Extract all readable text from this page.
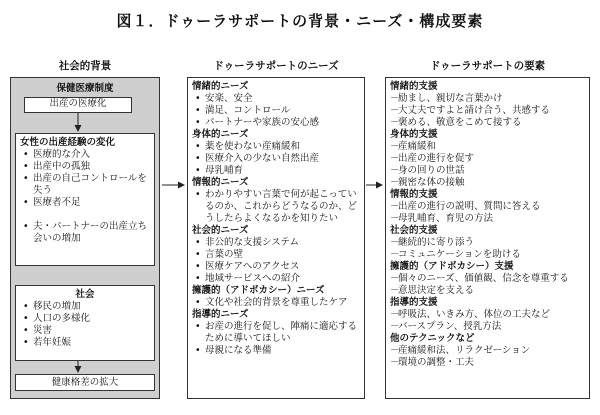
図１．ドゥーラサポートの背景・ニーズ・構成要素
社会的背景	ドゥーラサポートのニーズ	ドゥーラサポートの要素
保健医療制度
出産の医療化
女性の出産経験の変化
• 医療的な介入
• 出産中の孤独
• 出産の自己コントロールを失う
• 医療者不足
• 夫・パートナーの出産立ち会いの増加
社会
• 移民の増加
• 人口の多様化
• 災害
• 若年妊娠
健康格差の拡大
情緒的ニーズ
• 安楽、安全
• 満足、コントロール
• パートナーや家族の安心感
身体的ニーズ
• 薬を使わない産痛緩和
• 医療介入の少ない自然出産
• 母乳哺育
情報的ニーズ
• わかりやすい言葉で何が起こっているのか、これからどうなるのか、どうしたらよくなるかを知りたい
社会的ニーズ
• 非公的な支援システム
• 言葉の壁
• 医療ケアへのアクセス
• 地域サービスへの紹介
擁護的（アドボカシー）ニーズ
• 文化や社会的背景を尊重したケア
指導的ニーズ
• お産の進行を促し、陣痛に適応するために導いてほしい
• 母親になる準備
情緒的支援
－
励まし、親切な言葉かけ
－
大丈夫ですよと請け合う、共感する
－
褒める、敬意をこめて接する
身体的支援
－
産痛緩和
－
出産の進行を促す
－
身の回りの世話
－
親密な体の接触
情報的支援
－
出産の進行の説明、質問に答える
－
母乳哺育、育児の方法
社会的支援
－
継続的に寄り添う
－
コミュニケーションを助ける
擁護的（アドボカシー）支援
－
個々のニーズ、価値観、信念を尊重する
－
意思決定を支える
指導的支援
－
呼吸法、いきみ方、体位の工夫など
－
バースプラン、授乳方法
他のテクニックなど
－
産痛緩和法、リラクゼーション
－
環境の調整・工夫
